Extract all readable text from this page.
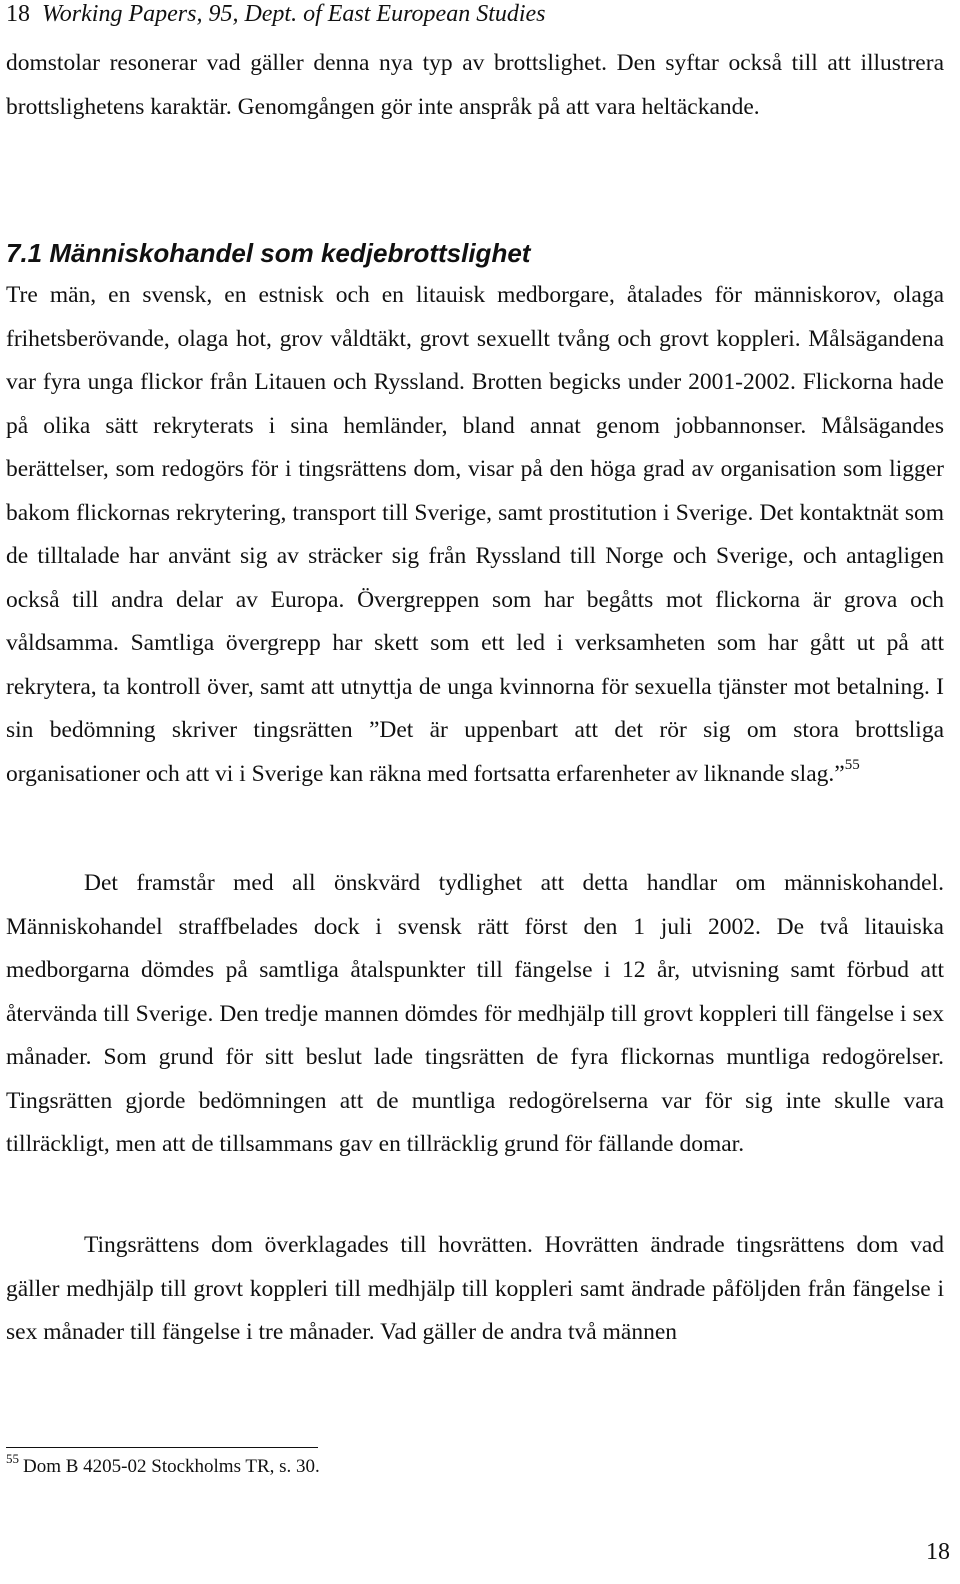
18 Working Papers, 95, Dept. of East European Studies

domstolar resonerar vad gäller denna nya typ av brottslighet. Den syftar också till att illustrera brottslighetens karaktär. Genomgången gör inte anspråk på att vara heltäckande.

7.1 Människohandel som kedjebrottslighet

Tre män, en svensk, en estnisk och en litauisk medborgare, åtalades för människorov, olaga frihetsberövande, olaga hot, grov våldtäkt, grovt sexuellt tvång och grovt koppleri. Målsägandena var fyra unga flickor från Litauen och Ryssland. Brotten begicks under 2001-2002. Flickorna hade på olika sätt rekryterats i sina hemländer, bland annat genom jobbannonser. Målsägandes berättelser, som redogörs för i tingsrättens dom, visar på den höga grad av organisation som ligger bakom flickornas rekrytering, transport till Sverige, samt prostitution i Sverige. Det kontaktnät som de tilltalade har använt sig av sträcker sig från Ryssland till Norge och Sverige, och antagligen också till andra delar av Europa. Övergreppen som har begåtts mot flickorna är grova och våldsamma. Samtliga övergrepp har skett som ett led i verksamheten som har gått ut på att rekrytera, ta kontroll över, samt att utnyttja de unga kvinnorna för sexuella tjänster mot betalning. I sin bedömning skriver tingsrätten ”Det är uppenbart att det rör sig om stora brottsliga organisationer och att vi i Sverige kan räkna med fortsatta erfarenheter av liknande slag.”$^{55}$

Det framstår med all önskvärd tydlighet att detta handlar om människohandel. Människohandel straffbelades dock i svensk rätt först den 1 juli 2002. De två litauiska medborgarna dömdes på samtliga åtalspunkter till fängelse i 12 år, utvisning samt förbud att återvända till Sverige. Den tredje mannen dömdes för medhjälp till grovt koppleri till fängelse i sex månader. Som grund för sitt beslut lade tingsrätten de fyra flickornas muntliga redogörelser. Tingsrätten gjorde bedömningen att de muntliga redogörelserna var för sig inte skulle vara tillräckligt, men att de tillsammans gav en tillräcklig grund för fällande domar.

Tingsrättens dom överklagades till hovrätten. Hovrätten ändrade tingsrättens dom vad gäller medhjälp till grovt koppleri till medhjälp till koppleri samt ändrade påföljden från fängelse i sex månader till fängelse i tre månader. Vad gäller de andra två männen

$^{55}$ Dom B 4205-02 Stockholms TR, s. 30.

18
